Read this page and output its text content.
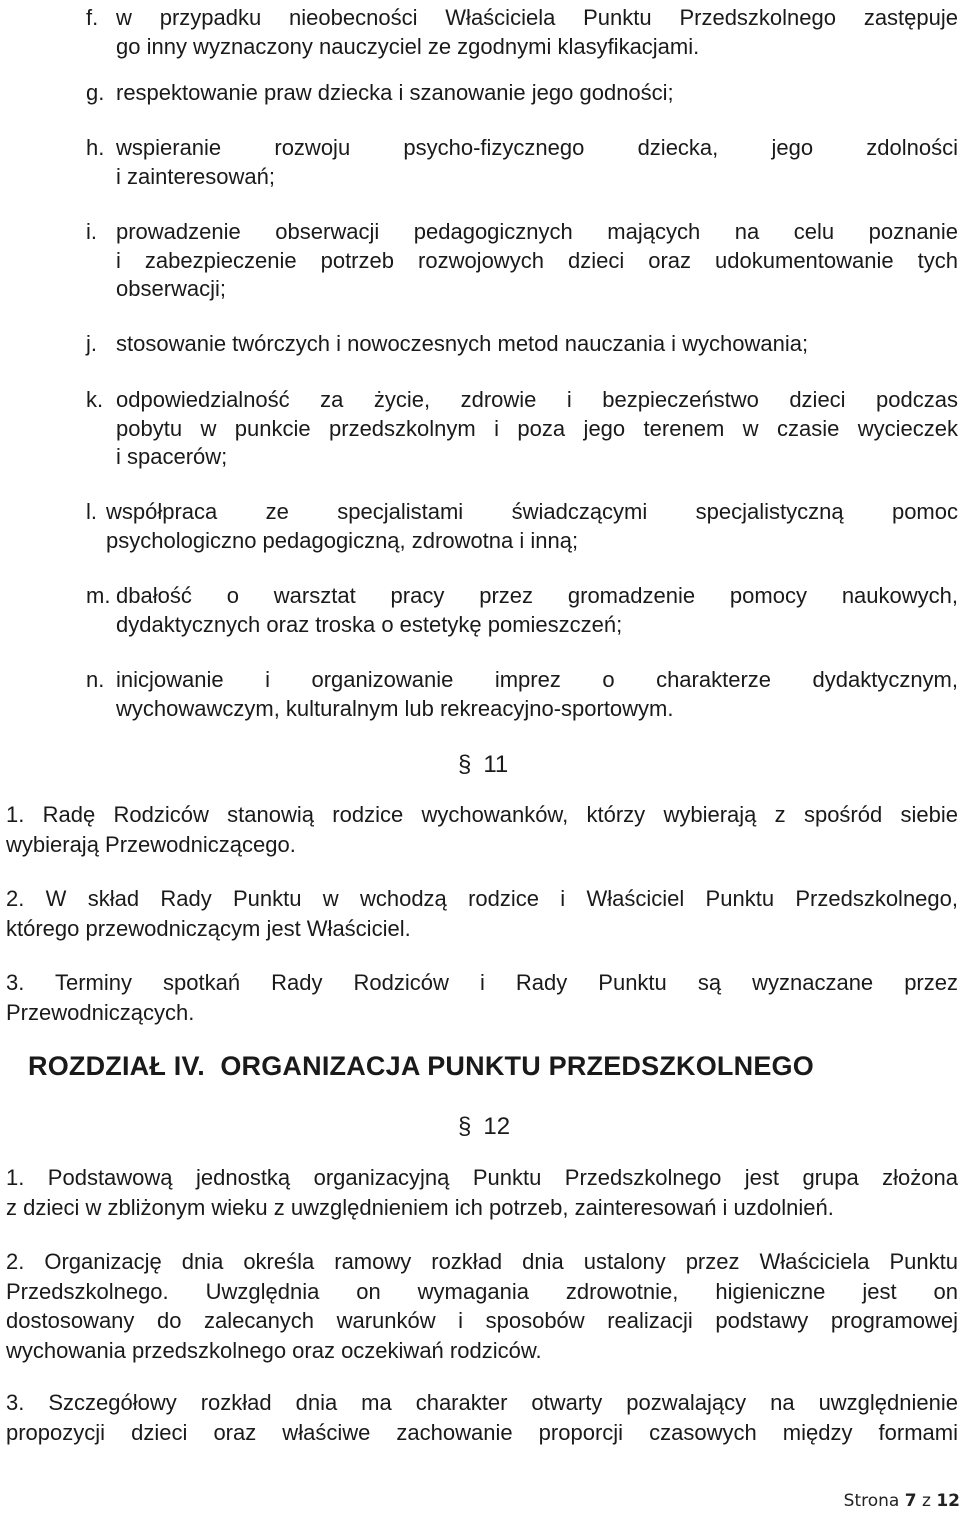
f. w przypadku nieobecności Właściciela Punktu Przedszkolnego zastępuje
go inny wyznaczony nauczyciel ze zgodnymi klasyfikacjami.
g. respektowanie praw dziecka i szanowanie jego godności;
h. wspieranie rozwoju psycho-fizycznego dziecka, jego zdolności
i zainteresowań;
i. prowadzenie obserwacji pedagogicznych mających na celu poznanie
i zabezpieczenie potrzeb rozwojowych dzieci oraz udokumentowanie tych
obserwacji;
j. stosowanie twórczych i nowoczesnych metod nauczania i wychowania;
k. odpowiedzialność za życie, zdrowie i bezpieczeństwo dzieci podczas
pobytu w punkcie przedszkolnym i poza jego terenem w czasie wycieczek
i spacerów;
l. współpraca ze specjalistami świadczącymi specjalistyczną pomoc
psychologiczno pedagogiczną, zdrowotna i inną;
m. dbałość o warsztat pracy przez gromadzenie pomocy naukowych,
dydaktycznych oraz troska o estetykę pomieszczeń;
n. inicjowanie i organizowanie imprez o charakterze dydaktycznym,
wychowawczym, kulturalnym lub rekreacyjno-sportowym.
§ 11
1. Radę Rodziców stanowią rodzice wychowanków, którzy wybierają z spośród siebie
wybierają Przewodniczącego.
2. W skład Rady Punktu w wchodzą rodzice i Właściciel Punktu Przedszkolnego,
którego przewodniczącym jest Właściciel.
3. Terminy spotkań Rady Rodziców i Rady Punktu są wyznaczane przez
Przewodniczących.
ROZDZIAŁ IV.  ORGANIZACJA PUNKTU PRZEDSZKOLNEGO
§ 12
1. Podstawową jednostką organizacyjną Punktu Przedszkolnego jest grupa złożona
z dzieci w zbliżonym wieku z uwzględnieniem ich potrzeb, zainteresowań i uzdolnień.
2. Organizację dnia określa ramowy rozkład dnia ustalony przez Właściciela Punktu
Przedszkolnego. Uwzględnia on wymagania zdrowotnie, higieniczne jest on
dostosowany do zalecanych warunków i sposobów realizacji podstawy programowej
wychowania przedszkolnego oraz oczekiwań rodziców.
3. Szczegółowy rozkład dnia ma charakter otwarty pozwalający na uwzględnienie
propozycji dzieci oraz właściwe zachowanie proporcji czasowych między formami
Strona 7 z 12
